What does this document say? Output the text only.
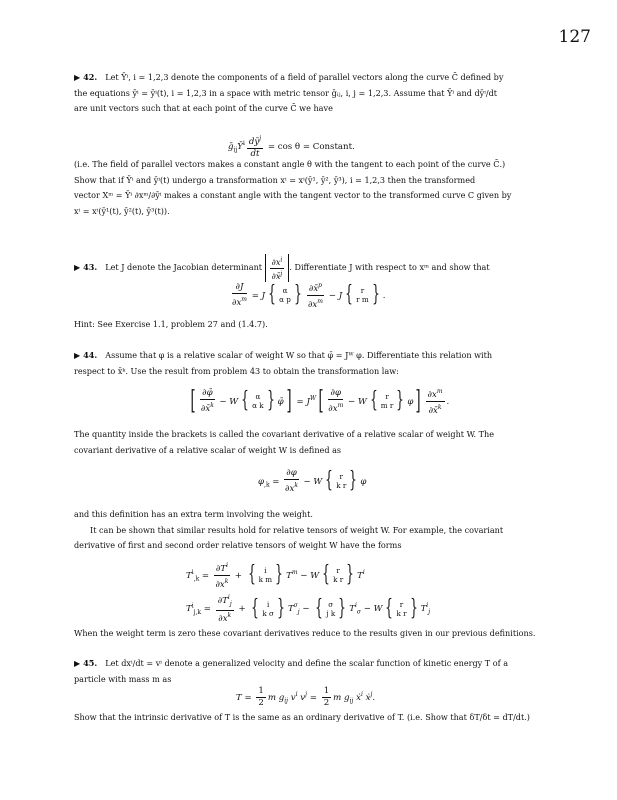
127
▶ 42. Let Ȳⁱ, i = 1,2,3 denote the components of a field of parallel vectors along the curve C̄ defined by
the equations ȳⁱ = ȳⁱ(t), i = 1,2,3 in a space with metric tensor ḡᵢⱼ, i, j = 1,2,3. Assume that Ȳⁱ and dȳⁱ/dt
are unit vectors such that at each point of the curve C̄ we have
$ḡ_{ij}Ȳ^i \frac{dȳ^j}{dt} = \cos \theta$ = Constant.
(i.e. The field of parallel vectors makes a constant angle θ with the tangent to each point of the curve C̄.)
Show that if Ȳⁱ and ȳⁱ(t) undergo a transformation xⁱ = xⁱ(ȳ¹, ȳ², ȳ³), i = 1,2,3 then the transformed
vector Xᵐ = Ȳⁱ ∂xᵐ/∂ȳⁱ makes a constant angle with the tangent vector to the transformed curve C given by
xⁱ = xⁱ(ȳ¹(t), ȳ²(t), ȳ³(t)).
▶ 43. Let J denote the Jacobian determinant $\frac{\partial x^i}{\partial x̄^j}$ . Differentiate J with respect to xᵐ and show that
$\frac{\partial J}{\partial x^m} = J$ { α
α p } $\frac{\partial x̄^p}{\partial x^m} - J$ {	r
r m } .
Hint: See Exercise 1.1, problem 27 and (1.4.7).
▶ 44. Assume that φ is a relative scalar of weight W so that φ̄ = Jᵂ φ. Differentiate this relation with
respect to x̄ᵏ. Use the result from problem 43 to obtain the transformation law:
[ $\frac{\partial\varphī}{\partial x̄^k} - W$ { α
α k } φ̄] = $J^W[ \frac{\partial\varphi}{\partial x^m} - W$ {	r
m r } $\varphi] \frac{\partial x^m}{\partial x̄^k}$ .
The quantity inside the brackets is called the covariant derivative of a relative scalar of weight W. The
covariant derivative of a relative scalar of weight W is defined as
$\varphi_{,k} = \frac{\partial\varphi}{\partial x^k} - W$ { r
k r } φ
and this definition has an extra term involving the weight.
It can be shown that similar results hold for relative tensors of weight W. For example, the covariant
derivative of first and second order relative tensors of weight W have the forms
$T^i_{,k} = \frac{\partial T^i}{\partial x^k}$ + {	i
k m } $T^m - W$ { r
k r } $T^i$
$T^i_{j,k} = \frac{\partial T^i_j}{\partial x^k}$ + {	i
k σ } $T^\sigma_j$ − { σ
j k } $T^i_\sigma - W$ { r
k r } $T^i_j$
When the weight term is zero these covariant derivatives reduce to the results given in our previous definitions.
▶ 45. Let dxⁱ/dt = vⁱ denote a generalized velocity and define the scalar function of kinetic energy T of a
particle with mass m as
$T = \frac{1}{2}$ m $g_{ij}$ $v^i$ $v^j = \frac{1}{2}$ m $g_{ij}$ ẋ$^i$ ẋ$^j$.
Show that the intrinsic derivative of T is the same as an ordinary derivative of T. (i.e. Show that δT/δt = dT/dt.)
